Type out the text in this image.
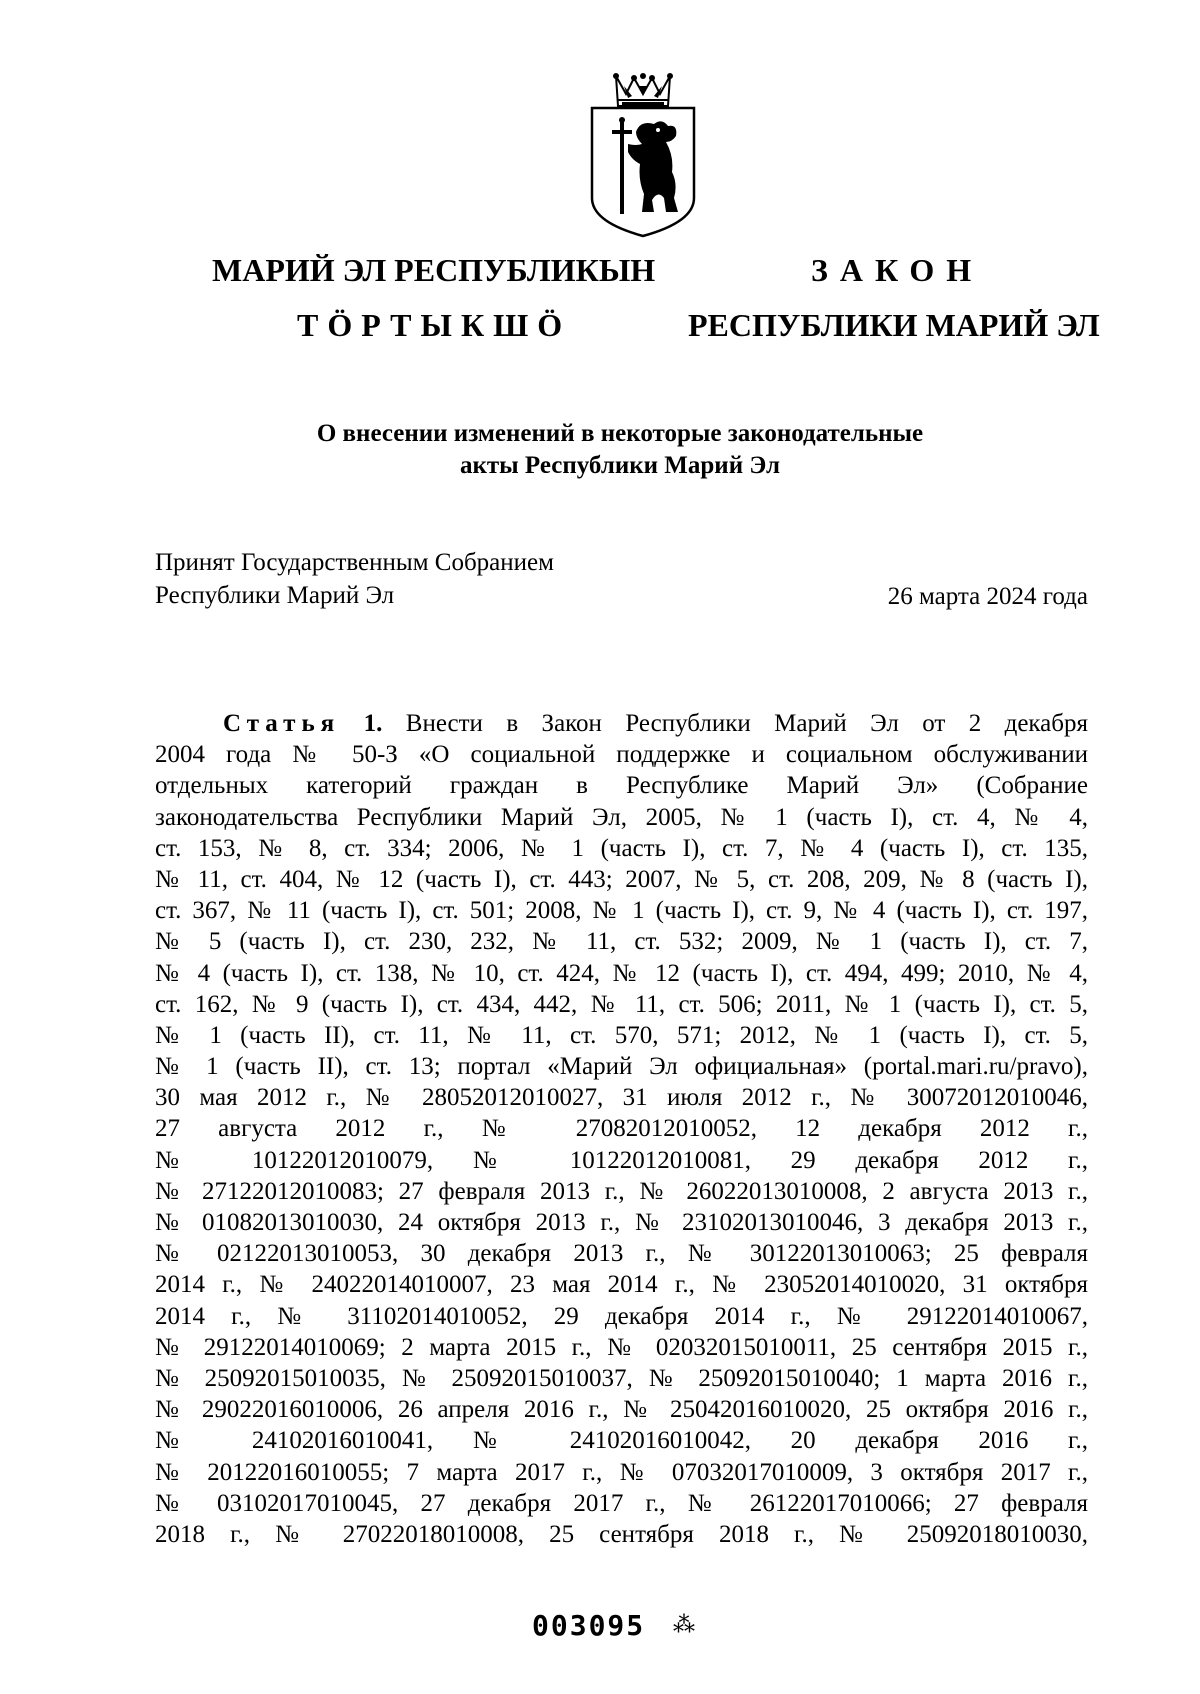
МАРИЙ ЭЛ РЕСПУБЛИКЫН
ТӦРТЫКШӦ
ЗАКОН
РЕСПУБЛИКИ МАРИЙ ЭЛ
О внесении изменений в некоторые законодательные
акты Республики Марий Эл
Принят Государственным Собранием
Республики Марий Эл	26 марта 2024 года
Статья 1. Внести в Закон Республики Марий Эл от 2 декабря
2004 года № 50-З «О социальной поддержке и социальном обслуживании
отдельных категорий граждан в Республике Марий Эл» (Собрание
законодательства Республики Марий Эл, 2005, № 1 (часть I), ст. 4, № 4,
ст. 153, № 8, ст. 334; 2006, № 1 (часть I), ст. 7, № 4 (часть I), ст. 135,
№ 11, ст. 404, № 12 (часть I), ст. 443; 2007, № 5, ст. 208, 209, № 8 (часть I),
ст. 367, № 11 (часть I), ст. 501; 2008, № 1 (часть I), ст. 9, № 4 (часть I), ст. 197,
№ 5 (часть I), ст. 230, 232, № 11, ст. 532; 2009, № 1 (часть I), ст. 7,
№ 4 (часть I), ст. 138, № 10, ст. 424, № 12 (часть I), ст. 494, 499; 2010, № 4,
ст. 162, № 9 (часть I), ст. 434, 442, № 11, ст. 506; 2011, № 1 (часть I), ст. 5,
№ 1 (часть II), ст. 11, № 11, ст. 570, 571; 2012, № 1 (часть I), ст. 5,
№ 1 (часть II), ст. 13; портал «Марий Эл официальная» (portal.mari.ru/pravo),
30 мая 2012 г., № 28052012010027, 31 июля 2012 г., № 30072012010046,
27 августа 2012 г., № 27082012010052, 12 декабря 2012 г.,
№ 10122012010079, № 10122012010081, 29 декабря 2012 г.,
№ 27122012010083; 27 февраля 2013 г., № 26022013010008, 2 августа 2013 г.,
№ 01082013010030, 24 октября 2013 г., № 23102013010046, 3 декабря 2013 г.,
№ 02122013010053, 30 декабря 2013 г., № 30122013010063; 25 февраля
2014 г., № 24022014010007, 23 мая 2014 г., № 23052014010020, 31 октября
2014 г., № 31102014010052, 29 декабря 2014 г., № 29122014010067,
№ 29122014010069; 2 марта 2015 г., № 02032015010011, 25 сентября 2015 г.,
№ 25092015010035, № 25092015010037, № 25092015010040; 1 марта 2016 г.,
№ 29022016010006, 26 апреля 2016 г., № 25042016010020, 25 октября 2016 г.,
№ 24102016010041, № 24102016010042, 20 декабря 2016 г.,
№ 20122016010055; 7 марта 2017 г., № 07032017010009, 3 октября 2017 г.,
№ 03102017010045, 27 декабря 2017 г., № 26122017010066; 27 февраля
2018 г., № 27022018010008, 25 сентября 2018 г., № 25092018010030,
003095 ⁂
